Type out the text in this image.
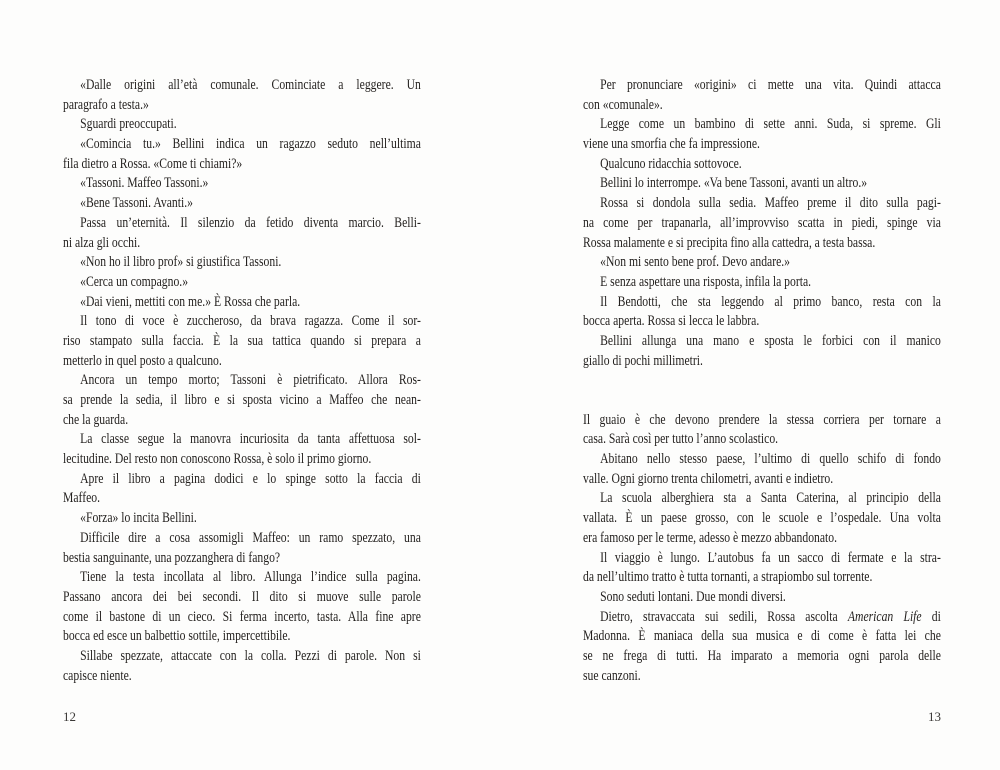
«Dalle origini all’età comunale. Cominciate a leggere. Un
paragrafo a testa.»
Sguardi preoccupati.
«Comincia tu.» Bellini indica un ragazzo seduto nell’ultima
fila dietro a Rossa. «Come ti chiami?»
«Tassoni. Maffeo Tassoni.»
«Bene Tassoni. Avanti.»
Passa un’eternità. Il silenzio da fetido diventa marcio. Belli-
ni alza gli occhi.
«Non ho il libro prof» si giustifica Tassoni.
«Cerca un compagno.»
«Dai vieni, mettiti con me.» È Rossa che parla.
Il tono di voce è zuccheroso, da brava ragazza. Come il sor-
riso stampato sulla faccia. È la sua tattica quando si prepara a
metterlo in quel posto a qualcuno.
Ancora un tempo morto; Tassoni è pietrificato. Allora Ros-
sa prende la sedia, il libro e si sposta vicino a Maffeo che nean-
che la guarda.
La classe segue la manovra incuriosita da tanta affettuosa sol-
lecitudine. Del resto non conoscono Rossa, è solo il primo giorno.
Apre il libro a pagina dodici e lo spinge sotto la faccia di
Maffeo.
«Forza» lo incita Bellini.
Difficile dire a cosa assomigli Maffeo: un ramo spezzato, una
bestia sanguinante, una pozzanghera di fango?
Tiene la testa incollata al libro. Allunga l’indice sulla pagina.
Passano ancora dei bei secondi. Il dito si muove sulle parole
come il bastone di un cieco. Si ferma incerto, tasta. Alla fine apre
bocca ed esce un balbettio sottile, impercettibile.
Sillabe spezzate, attaccate con la colla. Pezzi di parole. Non si
capisce niente.
12
Per pronunciare «origini» ci mette una vita. Quindi attacca
con «comunale».
Legge come un bambino di sette anni. Suda, si spreme. Gli
viene una smorfia che fa impressione.
Qualcuno ridacchia sottovoce.
Bellini lo interrompe. «Va bene Tassoni, avanti un altro.»
Rossa si dondola sulla sedia. Maffeo preme il dito sulla pagi-
na come per trapanarla, all’improvviso scatta in piedi, spinge via
Rossa malamente e si precipita fino alla cattedra, a testa bassa.
«Non mi sento bene prof. Devo andare.»
E senza aspettare una risposta, infila la porta.
Il Bendotti, che sta leggendo al primo banco, resta con la
bocca aperta. Rossa si lecca le labbra.
Bellini allunga una mano e sposta le forbici con il manico
giallo di pochi millimetri.
Il guaio è che devono prendere la stessa corriera per tornare a
casa. Sarà così per tutto l’anno scolastico.
Abitano nello stesso paese, l’ultimo di quello schifo di fondo
valle. Ogni giorno trenta chilometri, avanti e indietro.
La scuola alberghiera sta a Santa Caterina, al principio della
vallata. È un paese grosso, con le scuole e l’ospedale. Una volta
era famoso per le terme, adesso è mezzo abbandonato.
Il viaggio è lungo. L’autobus fa un sacco di fermate e la stra-
da nell’ultimo tratto è tutta tornanti, a strapiombo sul torrente.
Sono seduti lontani. Due mondi diversi.
Dietro, stravaccata sui sedili, Rossa ascolta American Life di
Madonna. È maniaca della sua musica e di come è fatta lei che
se ne frega di tutti. Ha imparato a memoria ogni parola delle
sue canzoni.
13
